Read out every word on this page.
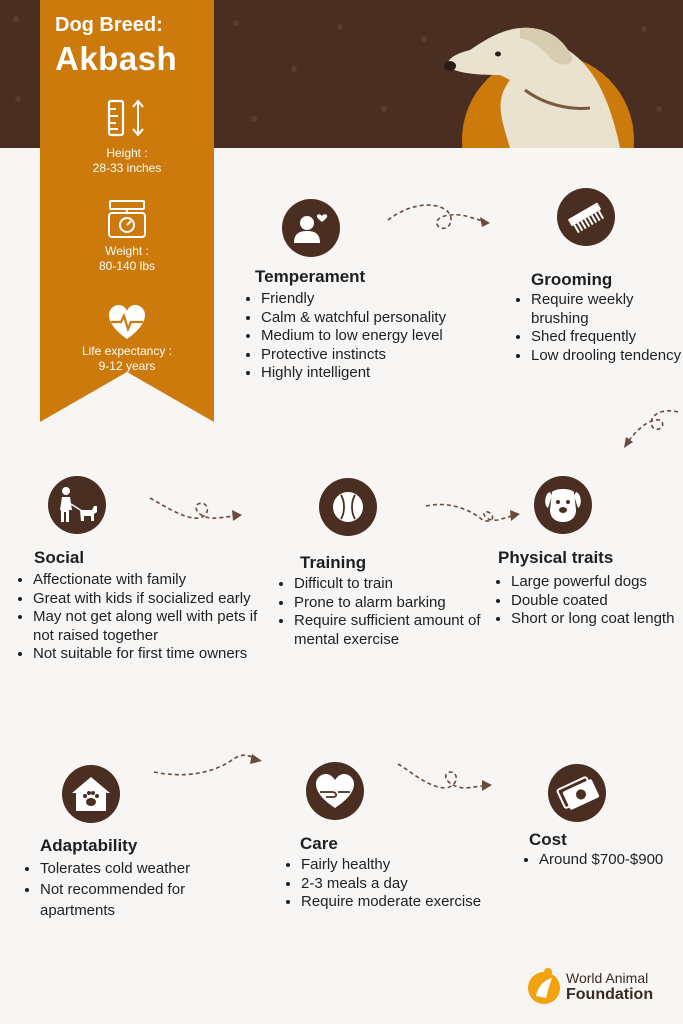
●	●
●
●
●
●
●
●
●
●
Dog Breed:
Akbash
Height :
28-33 inches
Weight :
80-140 lbs
Life expectancy :
9-12 years
Temperament
• Friendly
• Calm & watchful personality
• Medium to low energy level
• Protective instincts
• Highly intelligent
Grooming
• Require weekly brushing
• Shed frequently
• Low drooling tendency
Social
• Affectionate with family
• Great with kids if socialized early
• May not get along well with pets if not raised together
• Not suitable for first time owners
Training
• Difficult to train
• Prone to alarm barking
• Require sufficient amount of mental exercise
Physical traits
• Large powerful dogs
• Double coated
• Short or long coat length
Adaptability
• Tolerates cold weather
• Not recommended for apartments
Care
• Fairly healthy
• 2-3 meals a day
• Require moderate exercise
Cost
• Around $700-$900
World Animal
Foundation
